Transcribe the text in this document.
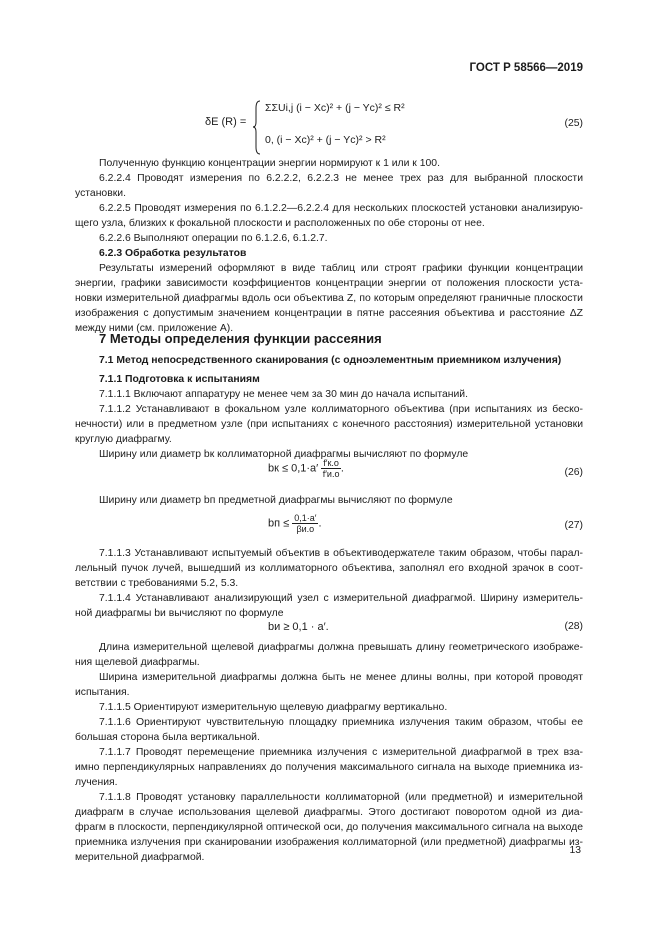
ГОСТ Р 58566—2019
δE (R) =
ΣΣUi,j (i − Xc)² + (j − Yc)² ≤ R²
0, (i − Xc)² + (j − Yc)² > R²
(25)
Полученную функцию концентрации энергии нормируют к 1 или к 100.
6.2.2.4 Проводят измерения по 6.2.2.2, 6.2.2.3 не менее трех раз для выбранной плоскости
установки.
6.2.2.5 Проводят измерения по 6.1.2.2—6.2.2.4 для нескольких плоскостей установки анализирую-
щего узла, близких к фокальной плоскости и расположенных по обе стороны от нее.
6.2.2.6 Выполняют операции по 6.1.2.6, 6.1.2.7.
6.2.3 Обработка результатов
Результаты измерений оформляют в виде таблиц или строят графики функции концентрации
энергии, графики зависимости коэффициентов концентрации энергии от положения плоскости уста-
новки измерительной диафрагмы вдоль оси объектива Z, по которым определяют граничные плоскости
изображения с допустимым значением концентрации в пятне рассеяния объектива и расстояние ΔZ
между ними (см. приложение А).
7 Методы определения функции рассеяния
7.1 Метод непосредственного сканирования (с одноэлементным приемником излучения)
7.1.1 Подготовка к испытаниям
7.1.1.1 Включают аппаратуру не менее чем за 30 мин до начала испытаний.
7.1.1.2 Устанавливают в фокальном узле коллиматорного объектива (при испытаниях из беско-
нечности) или в предметном узле (при испытаниях с конечного расстояния) измерительной установки
круглую диафрагму.
Ширину или диаметр bк коллиматорной диафрагмы вычисляют по формуле
bк ≤ $0,1\cdot a' \frac{f'к.о}{f'и.о}$ .	(26)
Ширину или диаметр bп предметной диафрагмы вычисляют по формуле
bп ≤ $\frac{0,1\cdot a'}{\beta и.о}$ .	(27)
7.1.1.3 Устанавливают испытуемый объектив в объективодержателе таким образом, чтобы парал-
лельный пучок лучей, вышедший из коллиматорного объектива, заполнял его входной зрачок в соот-
ветствии с требованиями 5.2, 5.3.
7.1.1.4 Устанавливают анализирующий узел с измерительной диафрагмой. Ширину измеритель-
ной диафрагмы bи вычисляют по формуле
bи ≥ 0,1 · a′.	(28)
Длина измерительной щелевой диафрагмы должна превышать длину геометрического изображе-
ния щелевой диафрагмы.
Ширина измерительной диафрагмы должна быть не менее длины волны, при которой проводят
испытания.
7.1.1.5 Ориентируют измерительную щелевую диафрагму вертикально.
7.1.1.6 Ориентируют чувствительную площадку приемника излучения таким образом, чтобы ее
большая сторона была вертикальной.
7.1.1.7 Проводят перемещение приемника излучения с измерительной диафрагмой в трех вза-
имно перпендикулярных направлениях до получения максимального сигнала на выходе приемника из-
лучения.
7.1.1.8 Проводят установку параллельности коллиматорной (или предметной) и измерительной
диафрагм в случае использования щелевой диафрагмы. Этого достигают поворотом одной из диа-
фрагм в плоскости, перпендикулярной оптической оси, до получения максимального сигнала на выходе
приемника излучения при сканировании изображения коллиматорной (или предметной) диафрагмы из-
мерительной диафрагмой.
13
